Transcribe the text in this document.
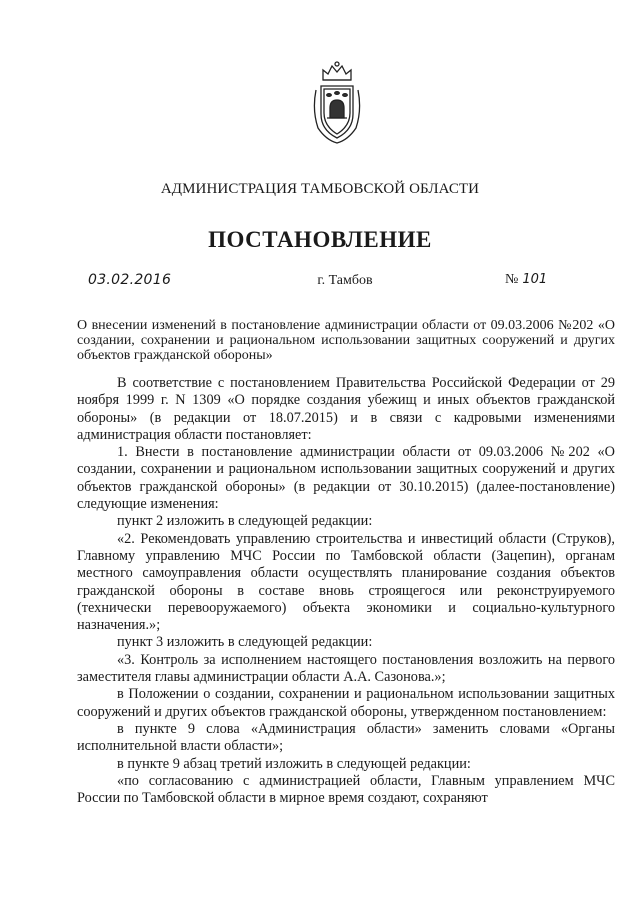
АДМИНИСТРАЦИЯ ТАМБОВСКОЙ ОБЛАСТИ
ПОСТАНОВЛЕНИЕ
03.02.2016	г. Тамбов	№ 101
О внесении изменений в постановление администрации области от 09.03.2006 №202 «О создании, сохранении и рациональном использовании защитных сооружений и других объектов гражданской обороны»

В соответствие с постановлением Правительства Российской Федерации от 29 ноября 1999 г. N 1309 «О порядке создания убежищ и иных объектов гражданской обороны» (в редакции от 18.07.2015) и в связи с кадровыми изменениями администрация области постановляет:

1. Внести в постановление администрации области от 09.03.2006 №202 «О создании, сохранении и рациональном использовании защитных сооружений и других объектов гражданской обороны» (в редакции от 30.10.2015) (далее-постановление) следующие изменения:

пункт 2 изложить в следующей редакции:

«2. Рекомендовать управлению строительства и инвестиций области (Струков), Главному управлению МЧС России по Тамбовской области (Зацепин), органам местного самоуправления области осуществлять планирование создания объектов гражданской обороны в составе вновь строящегося или реконструируемого (технически перевооружаемого) объекта экономики и социально-культурного назначения.»;

пункт 3 изложить в следующей редакции:

«3. Контроль за исполнением настоящего постановления возложить на первого заместителя главы администрации области А.А. Сазонова.»;

в Положении о создании, сохранении и рациональном использовании защитных сооружений и других объектов гражданской обороны, утвержденном постановлением:

в пункте 9 слова «Администрация области» заменить словами «Органы исполнительной власти области»;

в пункте 9 абзац третий изложить в следующей редакции:

«по согласованию с администрацией области, Главным управлением МЧС России по Тамбовской области в мирное время создают, сохраняют
